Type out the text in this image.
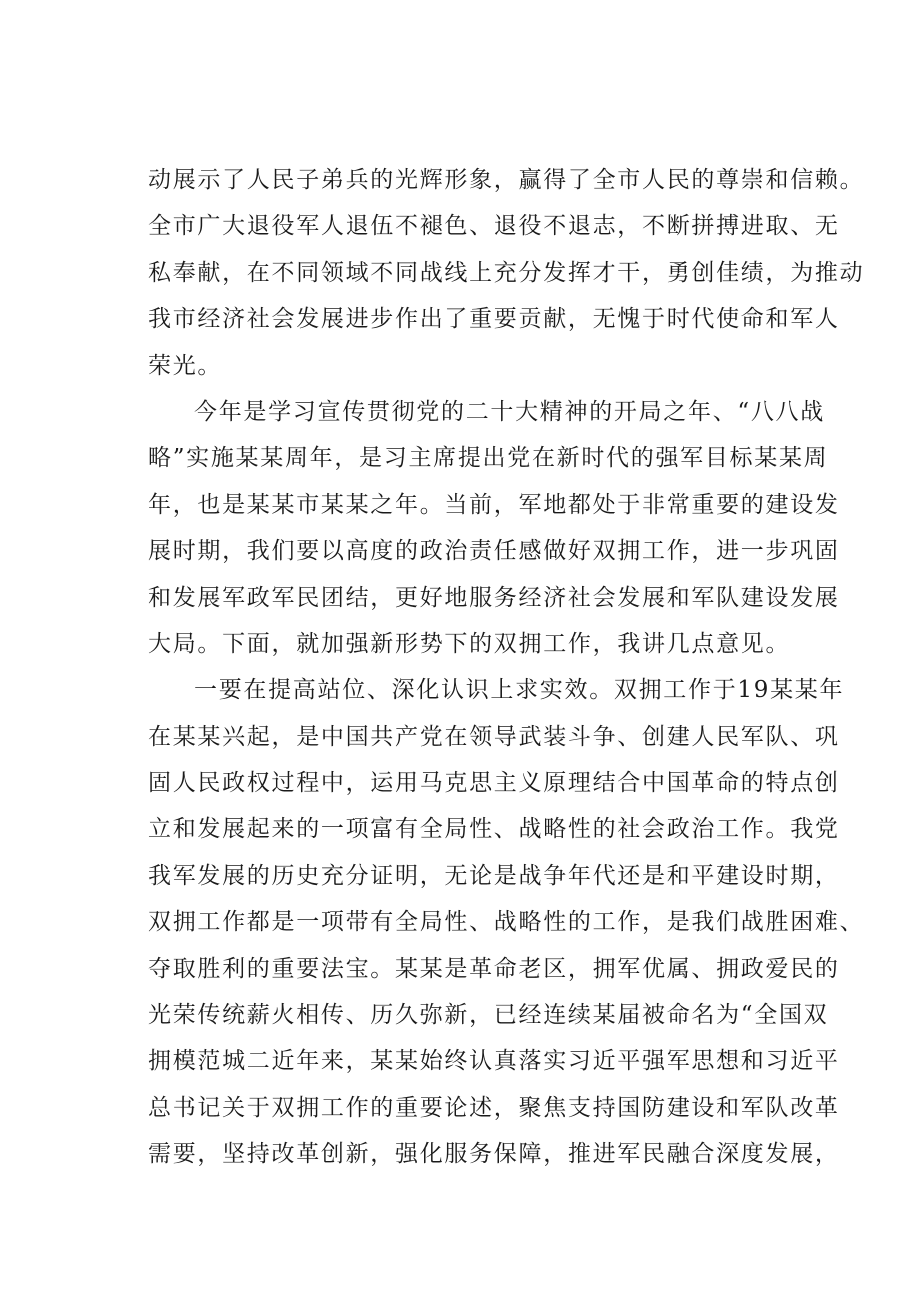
动展示了人民子弟兵的光辉形象，赢得了全市人民的尊崇和信赖。
全市广大退役军人退伍不褪色、退役不退志，不断拼搏进取、无
私奉献，在不同领域不同战线上充分发挥才干，勇创佳绩，为推动
我市经济社会发展进步作出了重要贡献，无愧于时代使命和军人
荣光。
今年是学习宣传贯彻党的二十大精神的开局之年、“八八战
略”实施某某周年，是习主席提出党在新时代的强军目标某某周
年，也是某某市某某之年。当前，军地都处于非常重要的建设发
展时期，我们要以高度的政治责任感做好双拥工作，进一步巩固
和发展军政军民团结，更好地服务经济社会发展和军队建设发展
大局。下面，就加强新形势下的双拥工作，我讲几点意见。
一要在提高站位、深化认识上求实效。双拥工作于19某某年
在某某兴起，是中国共产党在领导武装斗争、创建人民军队、巩
固人民政权过程中，运用马克思主义原理结合中国革命的特点创
立和发展起来的一项富有全局性、战略性的社会政治工作。我党
我军发展的历史充分证明，无论是战争年代还是和平建设时期，
双拥工作都是一项带有全局性、战略性的工作，是我们战胜困难、
夺取胜利的重要法宝。某某是革命老区，拥军优属、拥政爱民的
光荣传统薪火相传、历久弥新，已经连续某届被命名为“全国双
拥模范城二近年来，某某始终认真落实习近平强军思想和习近平
总书记关于双拥工作的重要论述，聚焦支持国防建设和军队改革
需要，坚持改革创新，强化服务保障，推进军民融合深度发展，
